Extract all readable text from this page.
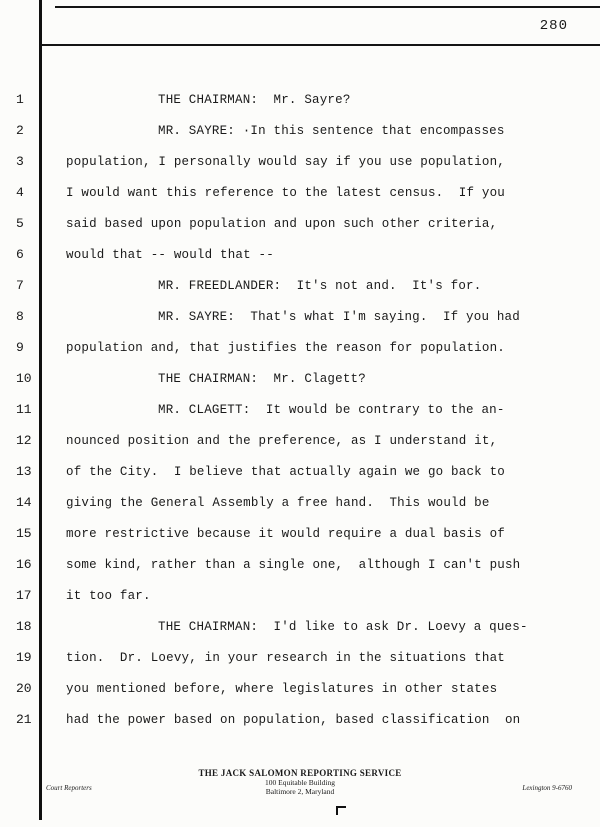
280
1	THE CHAIRMAN:  Mr. Sayre?
2	MR. SAYRE: ·In this sentence that encompasses
3	population, I personally would say if you use population,
4	I would want this reference to the latest census.  If you
5	said based upon population and upon such other criteria,
6	would that -- would that --
7	MR. FREEDLANDER:  It's not and.  It's for.
8	MR. SAYRE:  That's what I'm saying.  If you had
9	population and, that justifies the reason for population.
10	THE CHAIRMAN:  Mr. Clagett?
11	MR. CLAGETT:  It would be contrary to the an-
12	nounced position and the preference, as I understand it,
13	of the City.  I believe that actually again we go back to
14	giving the General Assembly a free hand.  This would be
15	more restrictive because it would require a dual basis of
16	some kind, rather than a single one,  although I can't push
17	it too far.
18	THE CHAIRMAN:  I'd like to ask Dr. Loevy a ques-
19	tion.  Dr. Loevy, in your research in the situations that
20	you mentioned before, where legislatures in other states
21	had the power based on population, based classification  on
THE JACK SALOMON REPORTING SERVICE
100 Equitable Building
Baltimore 2, Maryland
Court Reporters	Lexington 9-6760
